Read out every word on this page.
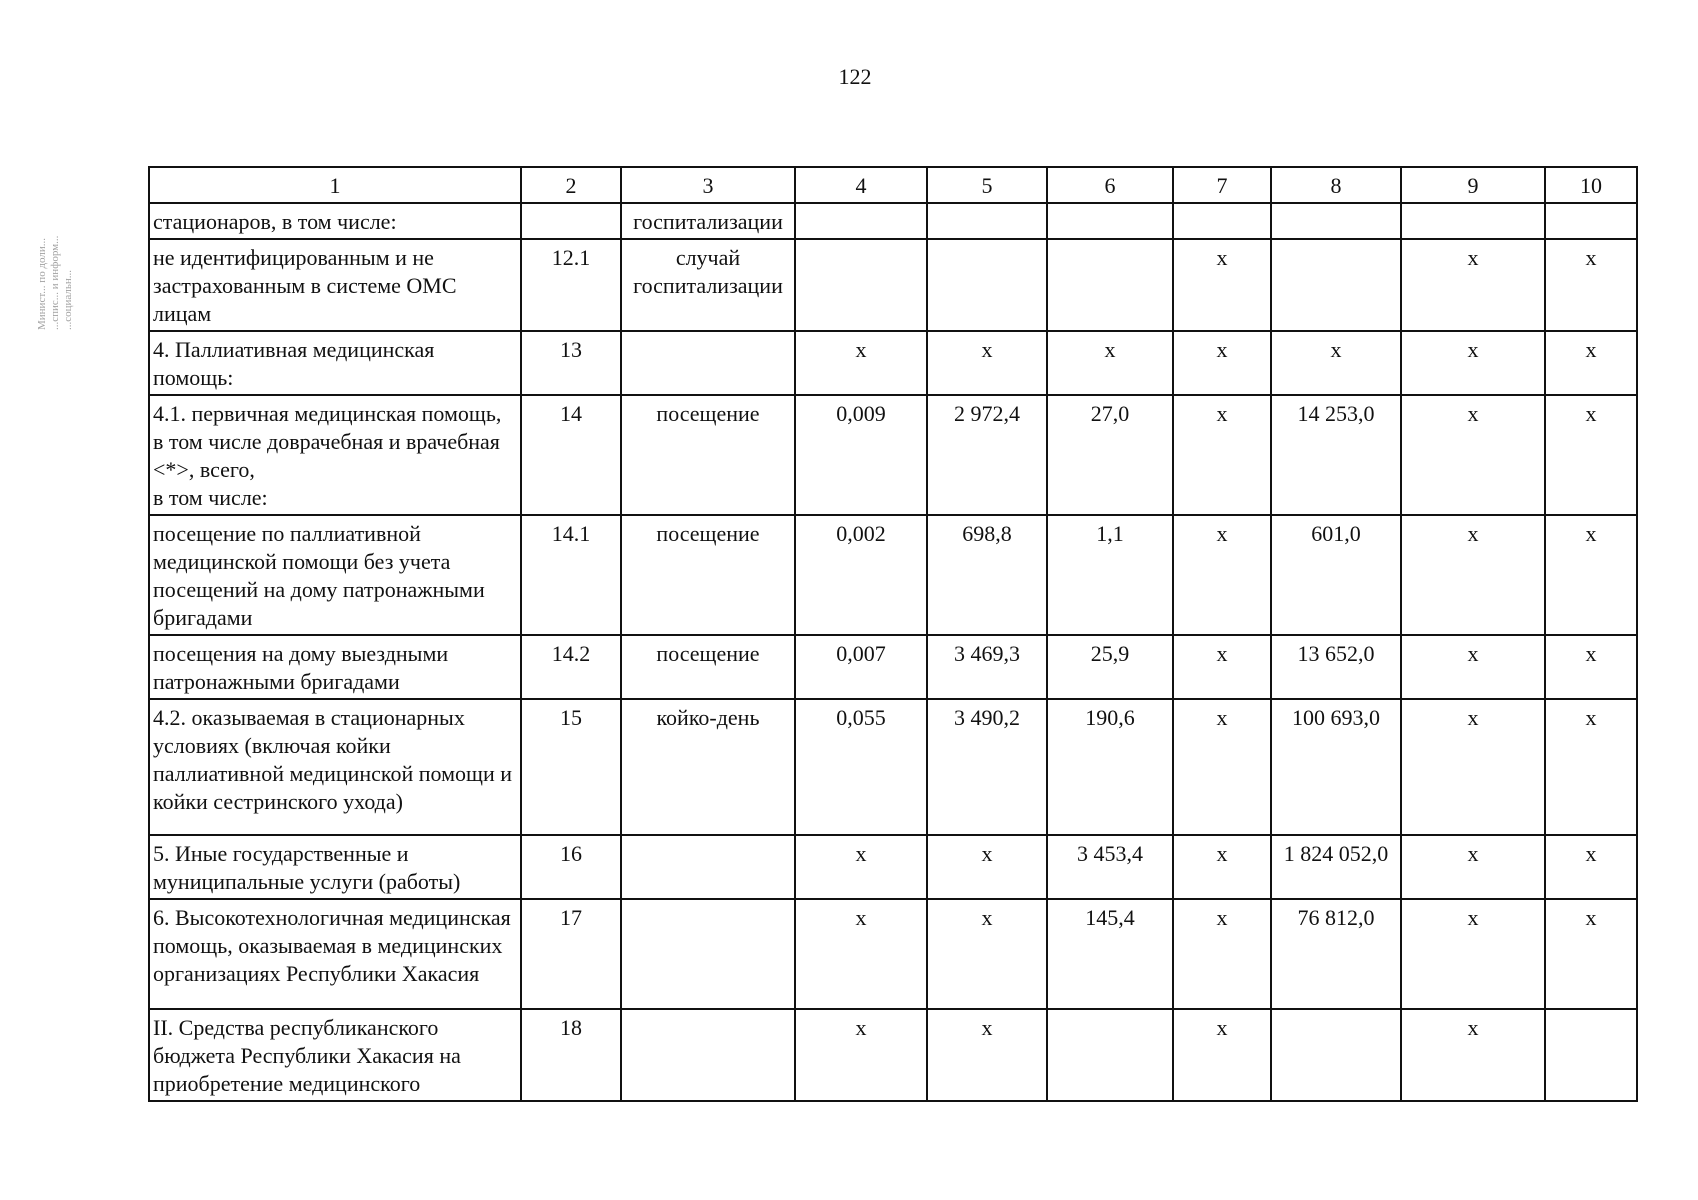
122
Минист... по доли... ...спис... и информ... ...социальн...
1	2	3	4	5	6	7	8	9	10
стационаров, в том числе:		госпитализации							
не идентифицированным и не застрахованным в системе ОМС лицам	12.1	случай госпитализации				х		х	х
4. Паллиативная медицинская помощь:	13		х	х	х	х	х	х	х
4.1. первичная медицинская помощь, в том числе доврачебная и врачебная <*>, всего,
в том числе:	14	посещение	0,009	2 972,4	27,0	х	14 253,0	х	х
посещение по паллиативной медицинской помощи без учета посещений на дому патронажными бригадами	14.1	посещение	0,002	698,8	1,1	х	601,0	х	х
посещения на дому выездными патронажными бригадами	14.2	посещение	0,007	3 469,3	25,9	х	13 652,0	х	х
4.2. оказываемая в стационарных условиях (включая койки паллиативной медицинской помощи и койки сестринского ухода)	15	койко-день	0,055	3 490,2	190,6	х	100 693,0	х	х
5. Иные государственные и муниципальные услуги (работы)	16		х	х	3 453,4	х	1 824 052,0	х	х
6. Высокотехнологичная медицинская помощь, оказываемая в медицинских организациях Республики Хакасия	17		х	х	145,4	х	76 812,0	х	х
II. Средства республиканского бюджета Республики Хакасия на приобретение медицинского	18		х	х		х		х	
